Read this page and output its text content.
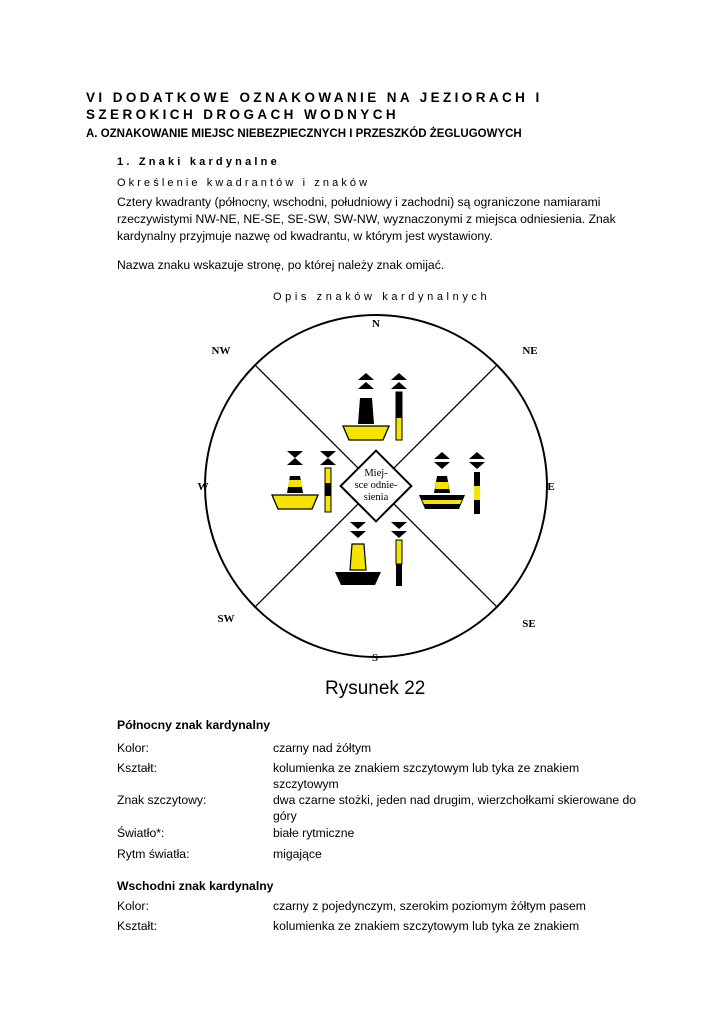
VI DODATKOWE OZNAKOWANIE NA JEZIORACH I
SZEROKICH DROGACH WODNYCH
A. OZNAKOWANIE MIEJSC NIEBEZPIECZNYCH I PRZESZKÓD ŻEGLUGOWYCH
1. Znaki kardynalne
Określenie kwadrantów i znaków
Cztery kwadranty (północny, wschodni, południowy i zachodni) są ograniczone namiarami rzeczywistymi NW-NE, NE-SE, SE-SW, SW-NW, wyznaczonymi z miejsca odniesienia. Znak kardynalny przyjmuje nazwę od kwadrantu, w którym jest wystawiony.
Nazwa znaku wskazuje stronę, po której należy znak omijać.
Opis znaków kardynalnych
Miej-
sce odnie-
sienia
N
NE
E
SE
S
SW
W
NW
Rysunek 22
Północny znak kardynalny
Kolor:	czarny nad żółtym
Kształt:	kolumienka ze znakiem szczytowym lub tyka ze znakiem szczytowym
Znak szczytowy:	dwa czarne stożki, jeden nad drugim, wierzchołkami skierowane do góry
Światło*:	białe rytmiczne
Rytm światła:	migające
Wschodni znak kardynalny
Kolor:	czarny z pojedynczym, szerokim poziomym żółtym pasem
Kształt:	kolumienka ze znakiem szczytowym lub tyka ze znakiem
